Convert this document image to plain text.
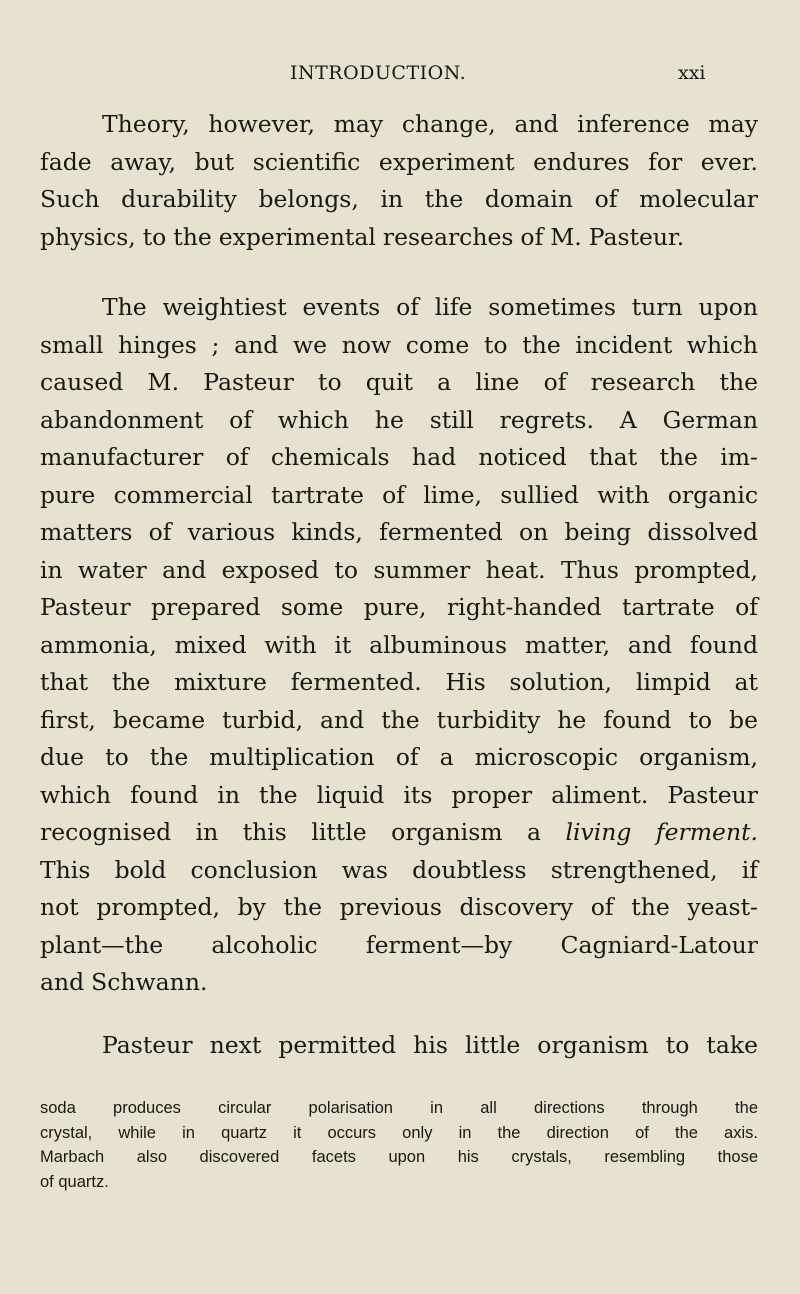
INTRODUCTION.	xxi
Theory, however, may change, and inference may
fade away, but scientific experiment endures for ever.
Such durability belongs, in the domain of molecular
physics, to the experimental researches of M. Pasteur.
The weightiest events of life sometimes turn upon
small hinges ; and we now come to the incident which
caused M. Pasteur to quit a line of research the
abandonment of which he still regrets. A German
manufacturer of chemicals had noticed that the im-
pure commercial tartrate of lime, sullied with organic
matters of various kinds, fermented on being dissolved
in water and exposed to summer heat. Thus prompted,
Pasteur prepared some pure, right-handed tartrate of
ammonia, mixed with it albuminous matter, and found
that the mixture fermented. His solution, limpid at
first, became turbid, and the turbidity he found to be
due to the multiplication of a microscopic organism,
which found in the liquid its proper aliment. Pasteur
recognised in this little organism a living ferment.
This bold conclusion was doubtless strengthened, if
not prompted, by the previous discovery of the yeast-
plant—the alcoholic ferment—by Cagniard-Latour
and Schwann.
Pasteur next permitted his little organism to take
soda produces circular polarisation in all directions through the
crystal, while in quartz it occurs only in the direction of the axis.
Marbach also discovered facets upon his crystals, resembling those
of quartz.
